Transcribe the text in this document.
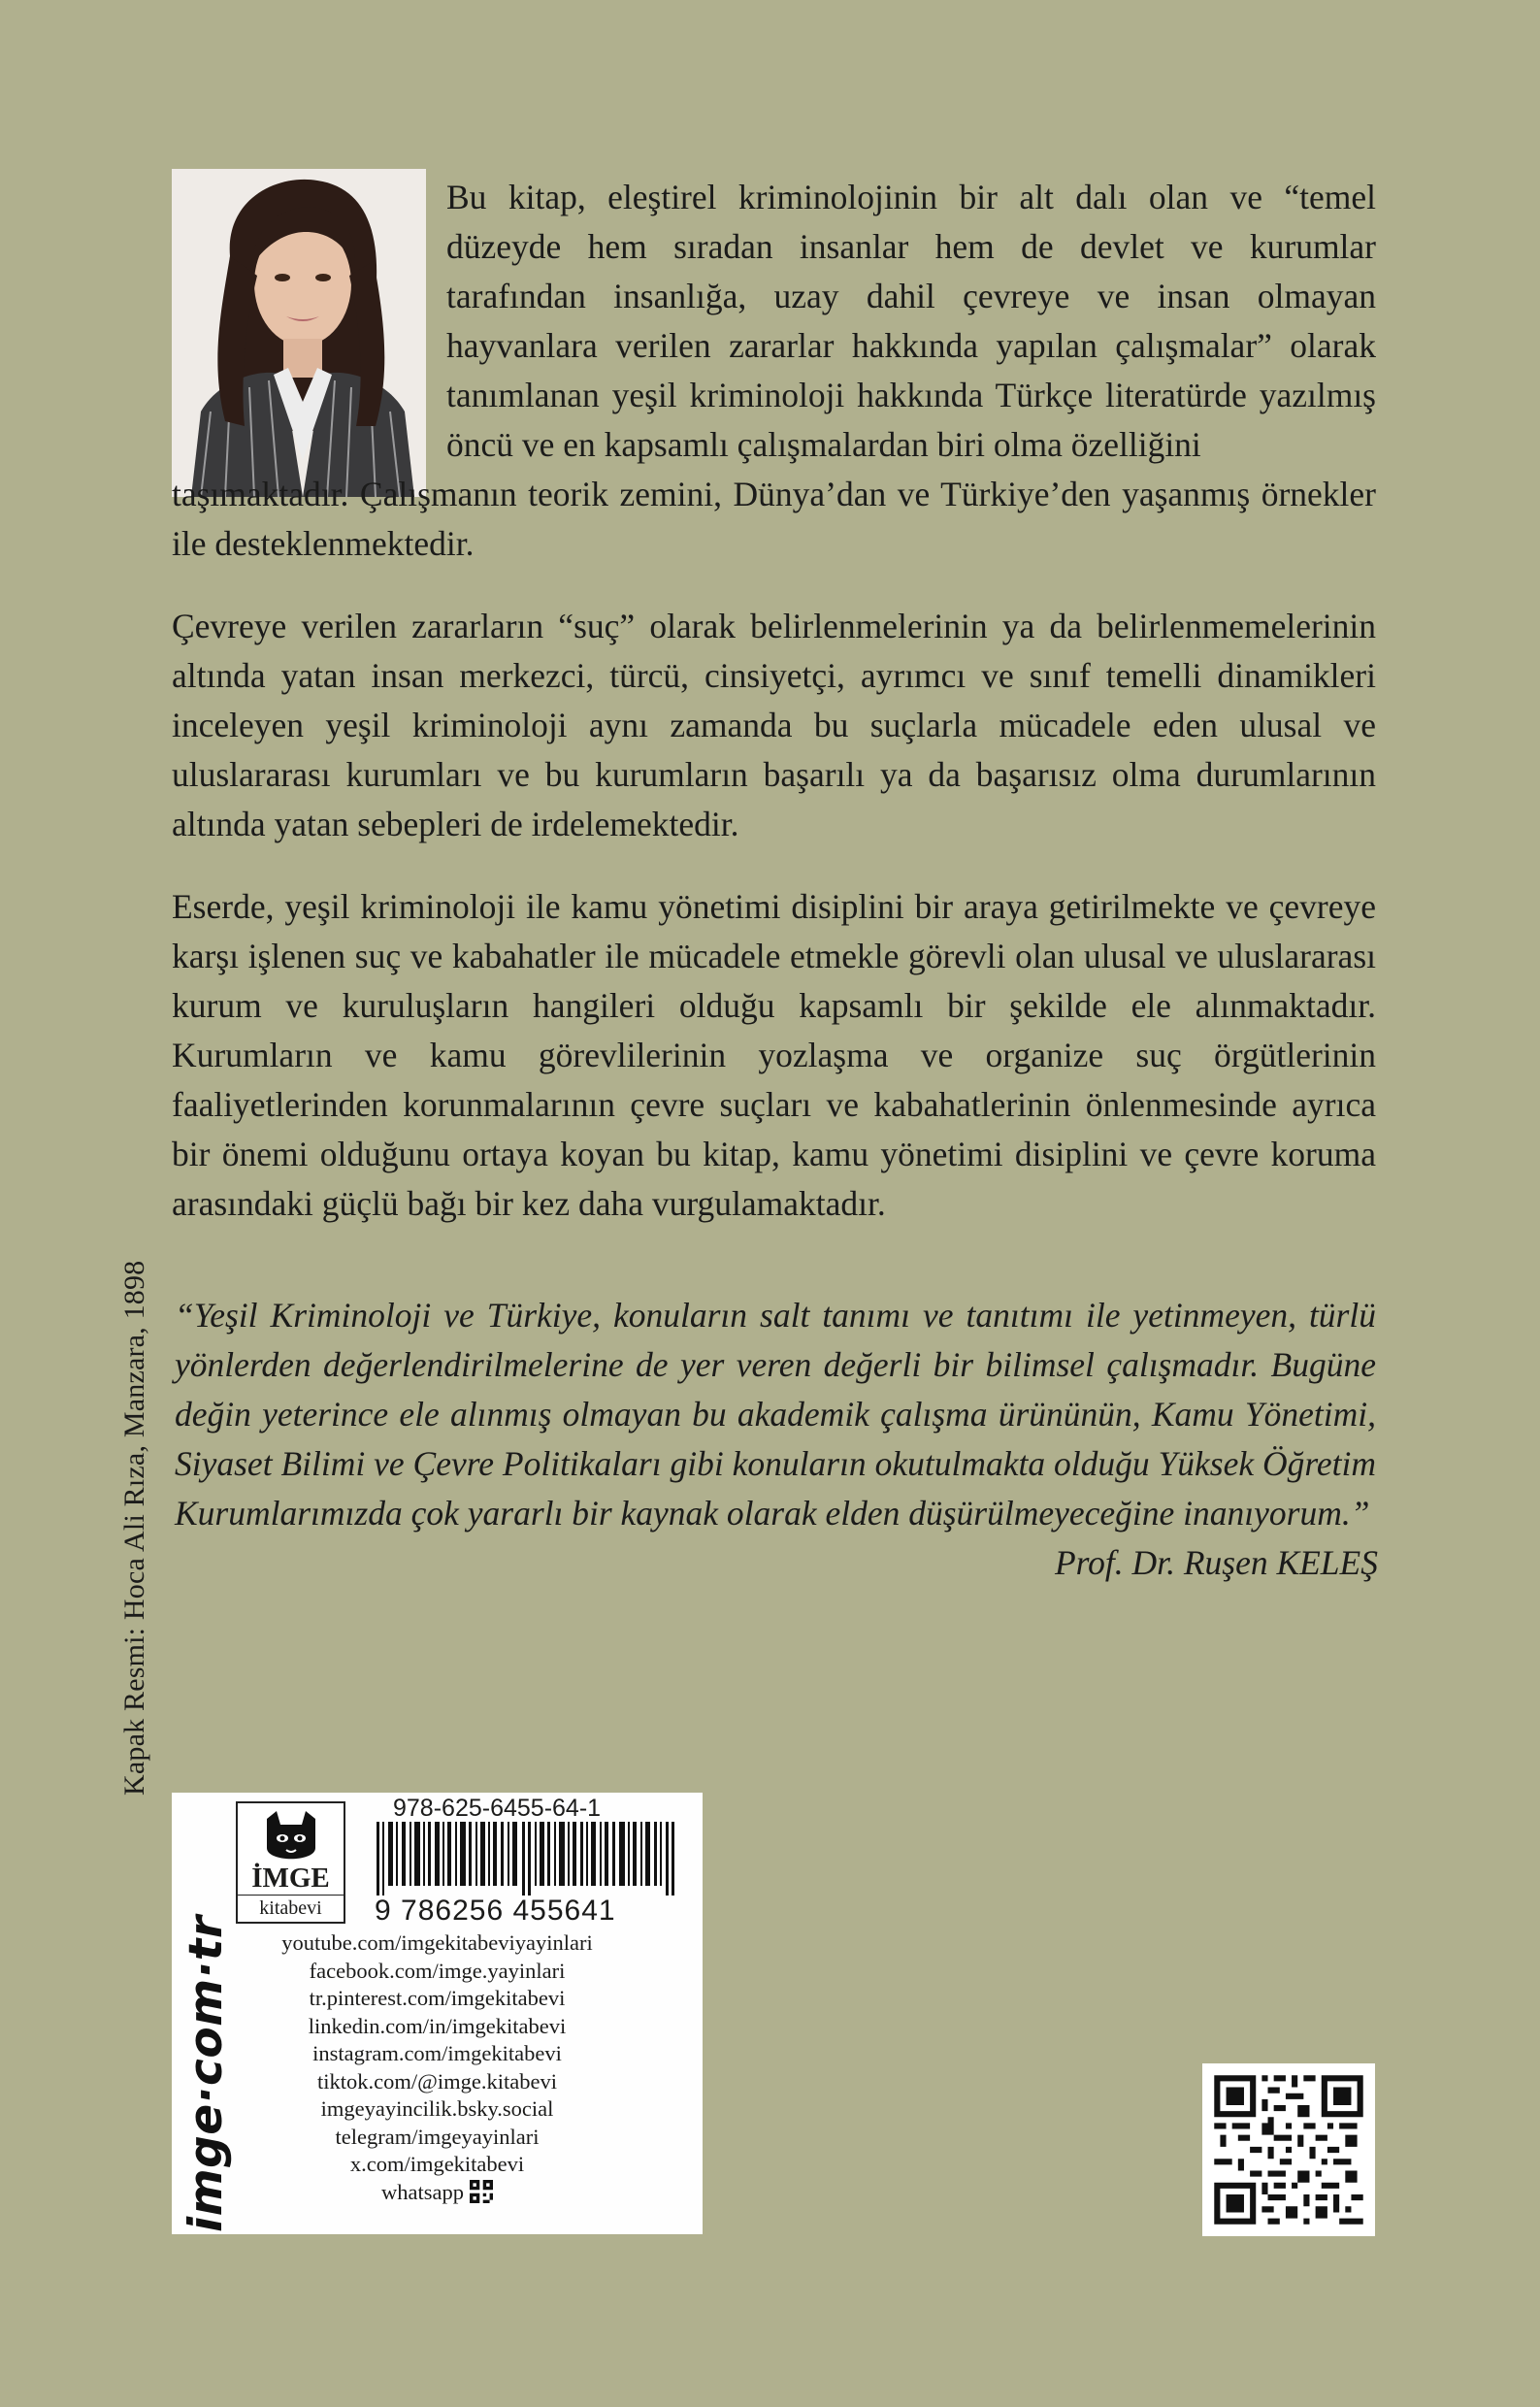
Bu kitap, eleştirel kriminolojinin bir alt dalı olan ve “temel düzeyde hem sıradan insanlar hem de devlet ve kurumlar tarafından insanlığa, uzay dahil çevreye ve insan olmayan hayvanlara verilen zararlar hakkında yapılan çalışmalar” olarak tanımlanan yeşil kriminoloji hakkında Türkçe literatürde yazılmış öncü ve en kapsamlı çalışmalardan biri olma özelliğini
taşımaktadır. Çalışmanın teorik zemini, Dünya’dan ve Türkiye’den yaşanmış örnekler ile desteklenmektedir.

Çevreye verilen zararların “suç” olarak belirlenmelerinin ya da belirlenmemelerinin altında yatan insan merkezci, türcü, cinsiyetçi, ayrımcı ve sınıf temelli dinamikleri inceleyen yeşil kriminoloji aynı zamanda bu suçlarla mücadele eden ulusal ve uluslararası kurumları ve bu kurumların başarılı ya da başarısız olma durumlarının altında yatan sebepleri de irdelemektedir.

Eserde, yeşil kriminoloji ile kamu yönetimi disiplini bir araya getirilmekte ve çevreye karşı işlenen suç ve kabahatler ile mücadele etmekle görevli olan ulusal ve uluslararası kurum ve kuruluşların hangileri olduğu kapsamlı bir şekilde ele alınmaktadır. Kurumların ve kamu görevlilerinin yozlaşma ve organize suç örgütlerinin faaliyetlerinden korunmalarının çevre suçları ve kabahatlerinin önlenmesinde ayrıca bir önemi olduğunu ortaya koyan bu kitap, kamu yönetimi disiplini ve çevre koruma arasındaki güçlü bağı bir kez daha vurgulamaktadır.

“Yeşil Kriminoloji ve Türkiye, konuların salt tanımı ve tanıtımı ile yetinmeyen, türlü yönlerden değerlendirilmelerine de yer veren değerli bir bilimsel çalışmadır. Bugüne değin yeterince ele alınmış olmayan bu akademik çalışma ürününün, Kamu Yönetimi, Siyaset Bilimi ve Çevre Politikaları gibi konuların okutulmakta olduğu Yüksek Öğretim Kurumlarımızda çok yararlı bir kaynak olarak elden düşürülmeyeceğine inanıyorum.”

Prof. Dr. Ruşen KELEŞ
Kapak Resmi: Hoca Ali Rıza, Manzara, 1898
imge·com·tr
İMGE
kitabevi
978-625-6455-64-1
9 786256 455641
youtube.com/imgekitabeviyayinlari
facebook.com/imge.yayinlari
tr.pinterest.com/imgekitabevi
linkedin.com/in/imgekitabevi
instagram.com/imgekitabevi
tiktok.com/@imge.kitabevi
imgeyayincilik.bsky.social
telegram/imgeyayinlari
x.com/imgekitabevi
whatsapp
